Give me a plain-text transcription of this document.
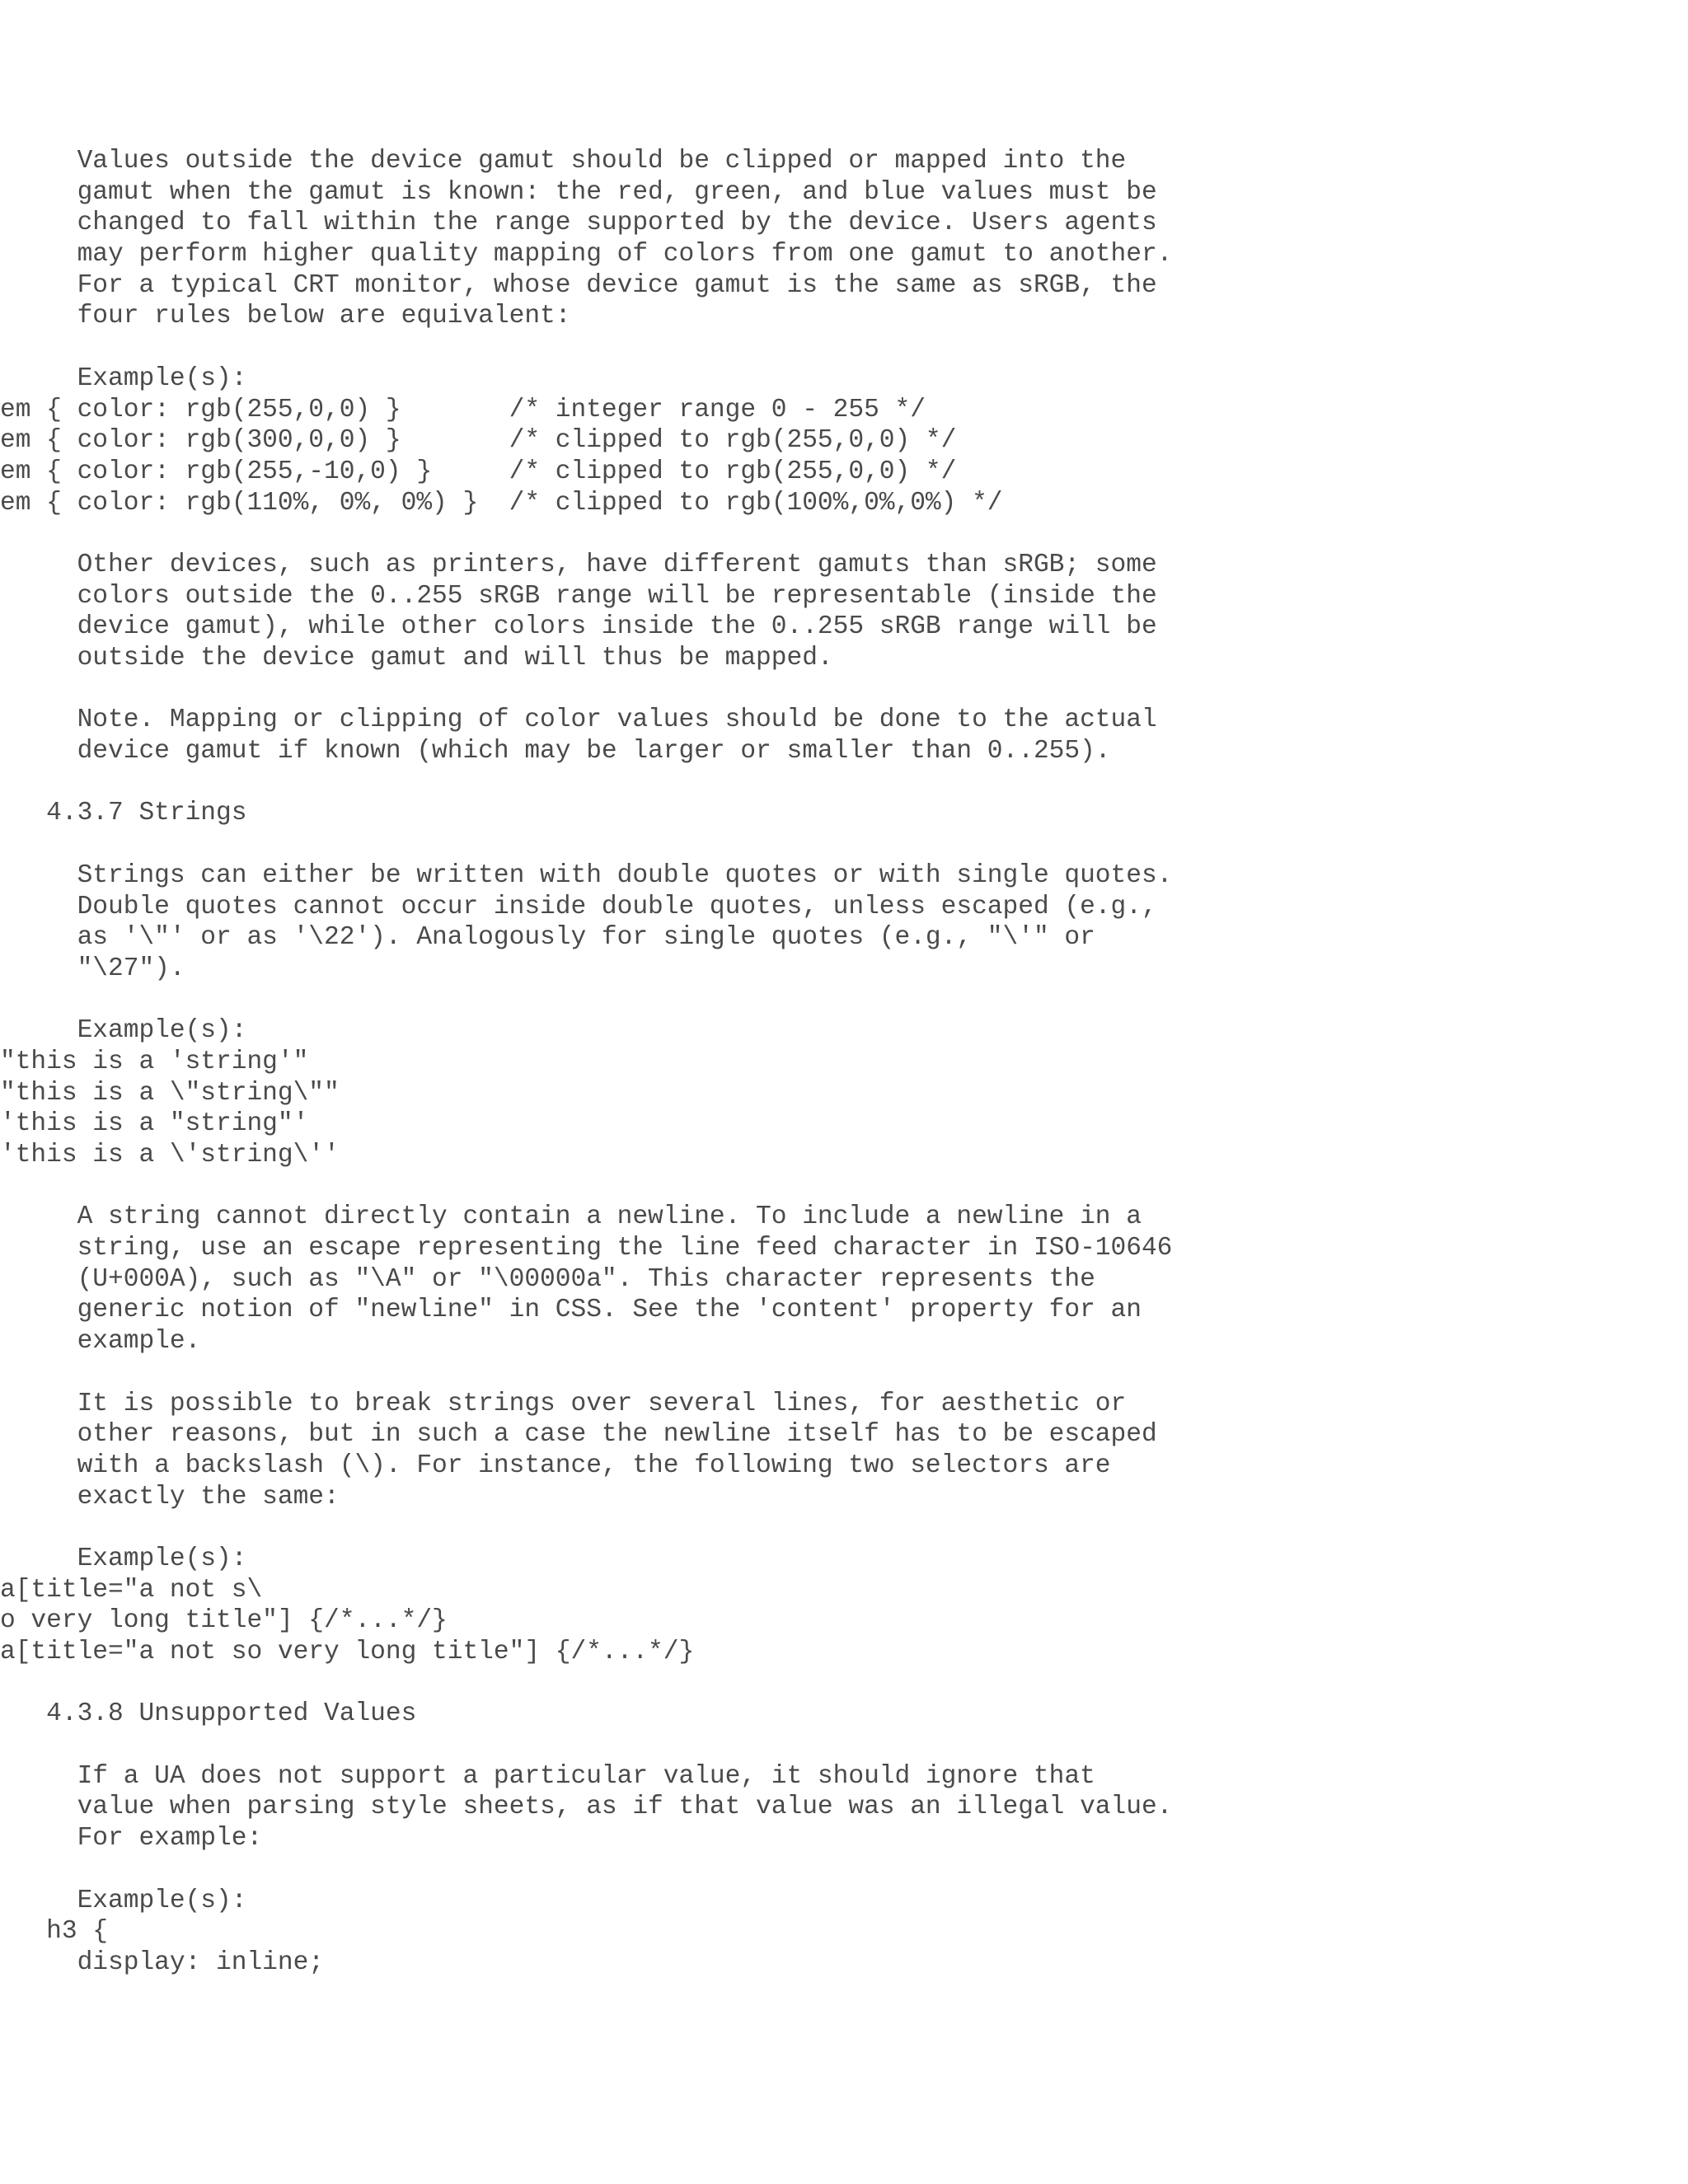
Values outside the device gamut should be clipped or mapped into the
gamut when the gamut is known: the red, green, and blue values must be
changed to fall within the range supported by the device. Users agents
may perform higher quality mapping of colors from one gamut to another.
For a typical CRT monitor, whose device gamut is the same as sRGB, the
four rules below are equivalent:
Example(s):
em { color: rgb(255,0,0) }       /* integer range 0 - 255 */
em { color: rgb(300,0,0) }       /* clipped to rgb(255,0,0) */
em { color: rgb(255,-10,0) }     /* clipped to rgb(255,0,0) */
em { color: rgb(110%, 0%, 0%) }  /* clipped to rgb(100%,0%,0%) */
Other devices, such as printers, have different gamuts than sRGB; some
colors outside the 0..255 sRGB range will be representable (inside the
device gamut), while other colors inside the 0..255 sRGB range will be
outside the device gamut and will thus be mapped.
Note. Mapping or clipping of color values should be done to the actual
device gamut if known (which may be larger or smaller than 0..255).
4.3.7 Strings
Strings can either be written with double quotes or with single quotes.
Double quotes cannot occur inside double quotes, unless escaped (e.g.,
as '\"' or as '\22'). Analogously for single quotes (e.g., "\'" or
"\27").
Example(s):
"this is a 'string'"
"this is a \"string\""
'this is a "string"'
'this is a \'string\''
A string cannot directly contain a newline. To include a newline in a
string, use an escape representing the line feed character in ISO-10646
(U+000A), such as "\A" or "\00000a". This character represents the
generic notion of "newline" in CSS. See the 'content' property for an
example.
It is possible to break strings over several lines, for aesthetic or
other reasons, but in such a case the newline itself has to be escaped
with a backslash (\). For instance, the following two selectors are
exactly the same:
Example(s):
a[title="a not s\
o very long title"] {/*...*/}
a[title="a not so very long title"] {/*...*/}
4.3.8 Unsupported Values
If a UA does not support a particular value, it should ignore that
value when parsing style sheets, as if that value was an illegal value.
For example:
Example(s):
h3 {
display: inline;
